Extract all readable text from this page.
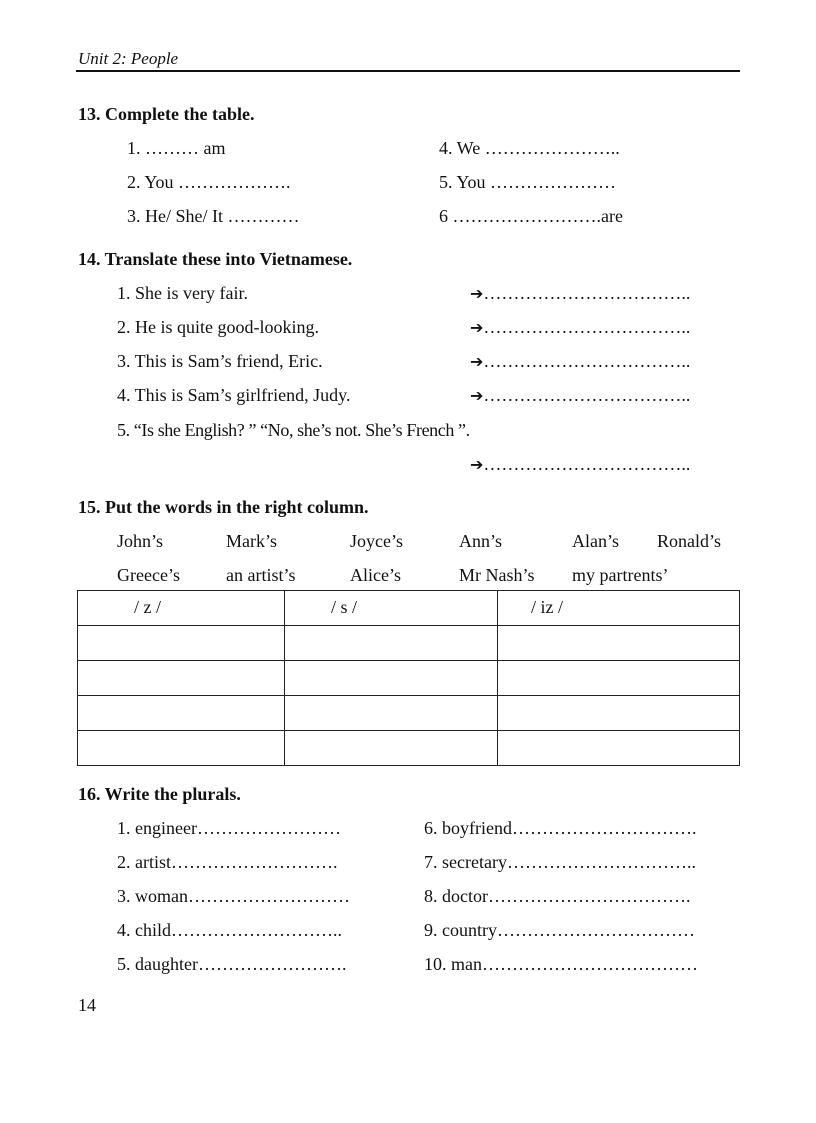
Unit 2: People
13. Complete the table.
1. ……… am
2. You ……………….
3. He/ She/ It …………
4. We …………………..
5. You …………………
6 …………………….are
14. Translate these into Vietnamese.
1. She is very fair.	➔……………………………..
2. He is quite good-looking.	➔……………………………..
3. This is Sam’s friend, Eric.	➔……………………………..
4. This is Sam’s girlfriend, Judy.	➔……………………………..
5. “Is she English? ” “No, she’s not. She’s French ”.
➔……………………………..
15. Put the words in the right column.
John’s	Mark’s	Joyce’s	Ann’s	Alan’s Ronald’s
Greece’s	an artist’s	Alice’s	Mr Nash’s my partrents’
/ z /	/ s /	/ iz /

16. Write the plurals.
1. engineer……………………
2. artist……………………….
3. woman………………………
4. child………………………..
5. daughter…………………….
6. boyfriend………………………….
7. secretary…………………………..
8. doctor…………………………….
9. country……………………………
10. man………………………………
14
